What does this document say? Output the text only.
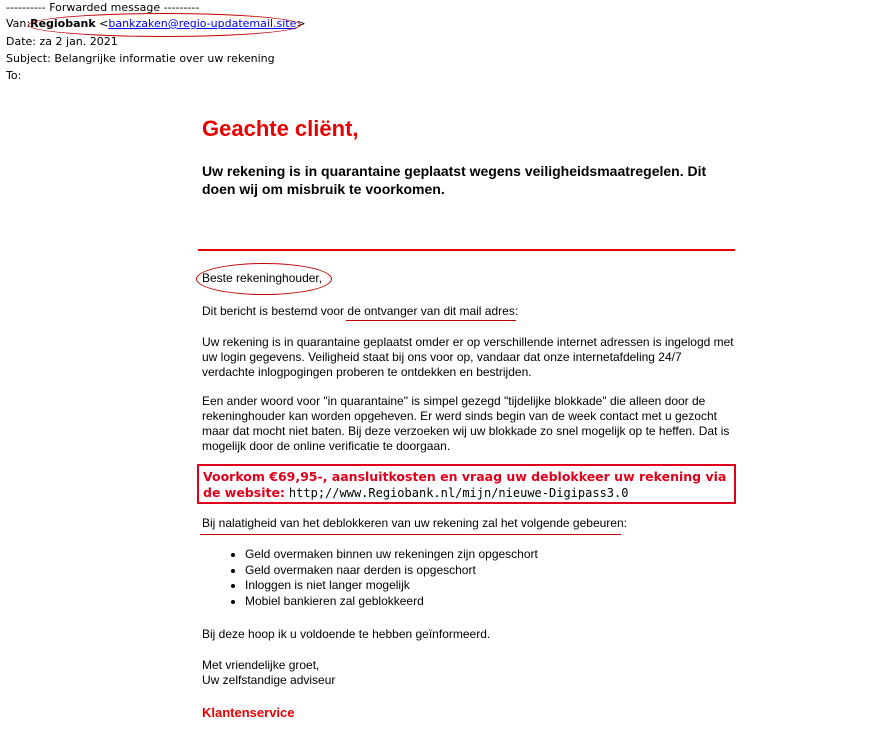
---------- Forwarded message ---------
Van:Regiobank <bankzaken@regio-updatemail.site>
Date: za 2 jan. 2021
Subject: Belangrijke informatie over uw rekening
To:
Geachte cliënt,
Uw rekening is in quarantaine geplaatst wegens veiligheidsmaatregelen. Dit doen wij om misbruik te voorkomen.
Beste rekeninghouder,
Dit bericht is bestemd voor de ontvanger van dit mail adres:
Uw rekening is in quarantaine geplaatst omder er op verschillende internet adressen is ingelogd met uw login gegevens. Veiligheid staat bij ons voor op, vandaar dat onze internetafdeling 24/7 verdachte inlogpogingen proberen te ontdekken en bestrijden.
Een ander woord voor "in quarantaine" is simpel gezegd "tijdelijke blokkade" die alleen door de rekeninghouder kan worden opgeheven. Er werd sinds begin van de week contact met u gezocht maar dat mocht niet baten. Bij deze verzoeken wij uw blokkade zo snel mogelijk op te heffen. Dat is mogelijk door de online verificatie te doorgaan.
Voorkom €69,95-, aansluitkosten en vraag uw deblokkeer uw rekening via de website: http;//www.Regiobank.nl/mijn/nieuwe-Digipass3.0
Bij nalatigheid van het deblokkeren van uw rekening zal het volgende gebeuren:
• Geld overmaken binnen uw rekeningen zijn opgeschort
• Geld overmaken naar derden is opgeschort
• Inloggen is niet langer mogelijk
• Mobiel bankieren zal geblokkeerd
Bij deze hoop ik u voldoende te hebben geïnformeerd.
Met vriendelijke groet,
Uw zelfstandige adviseur
Klantenservice
